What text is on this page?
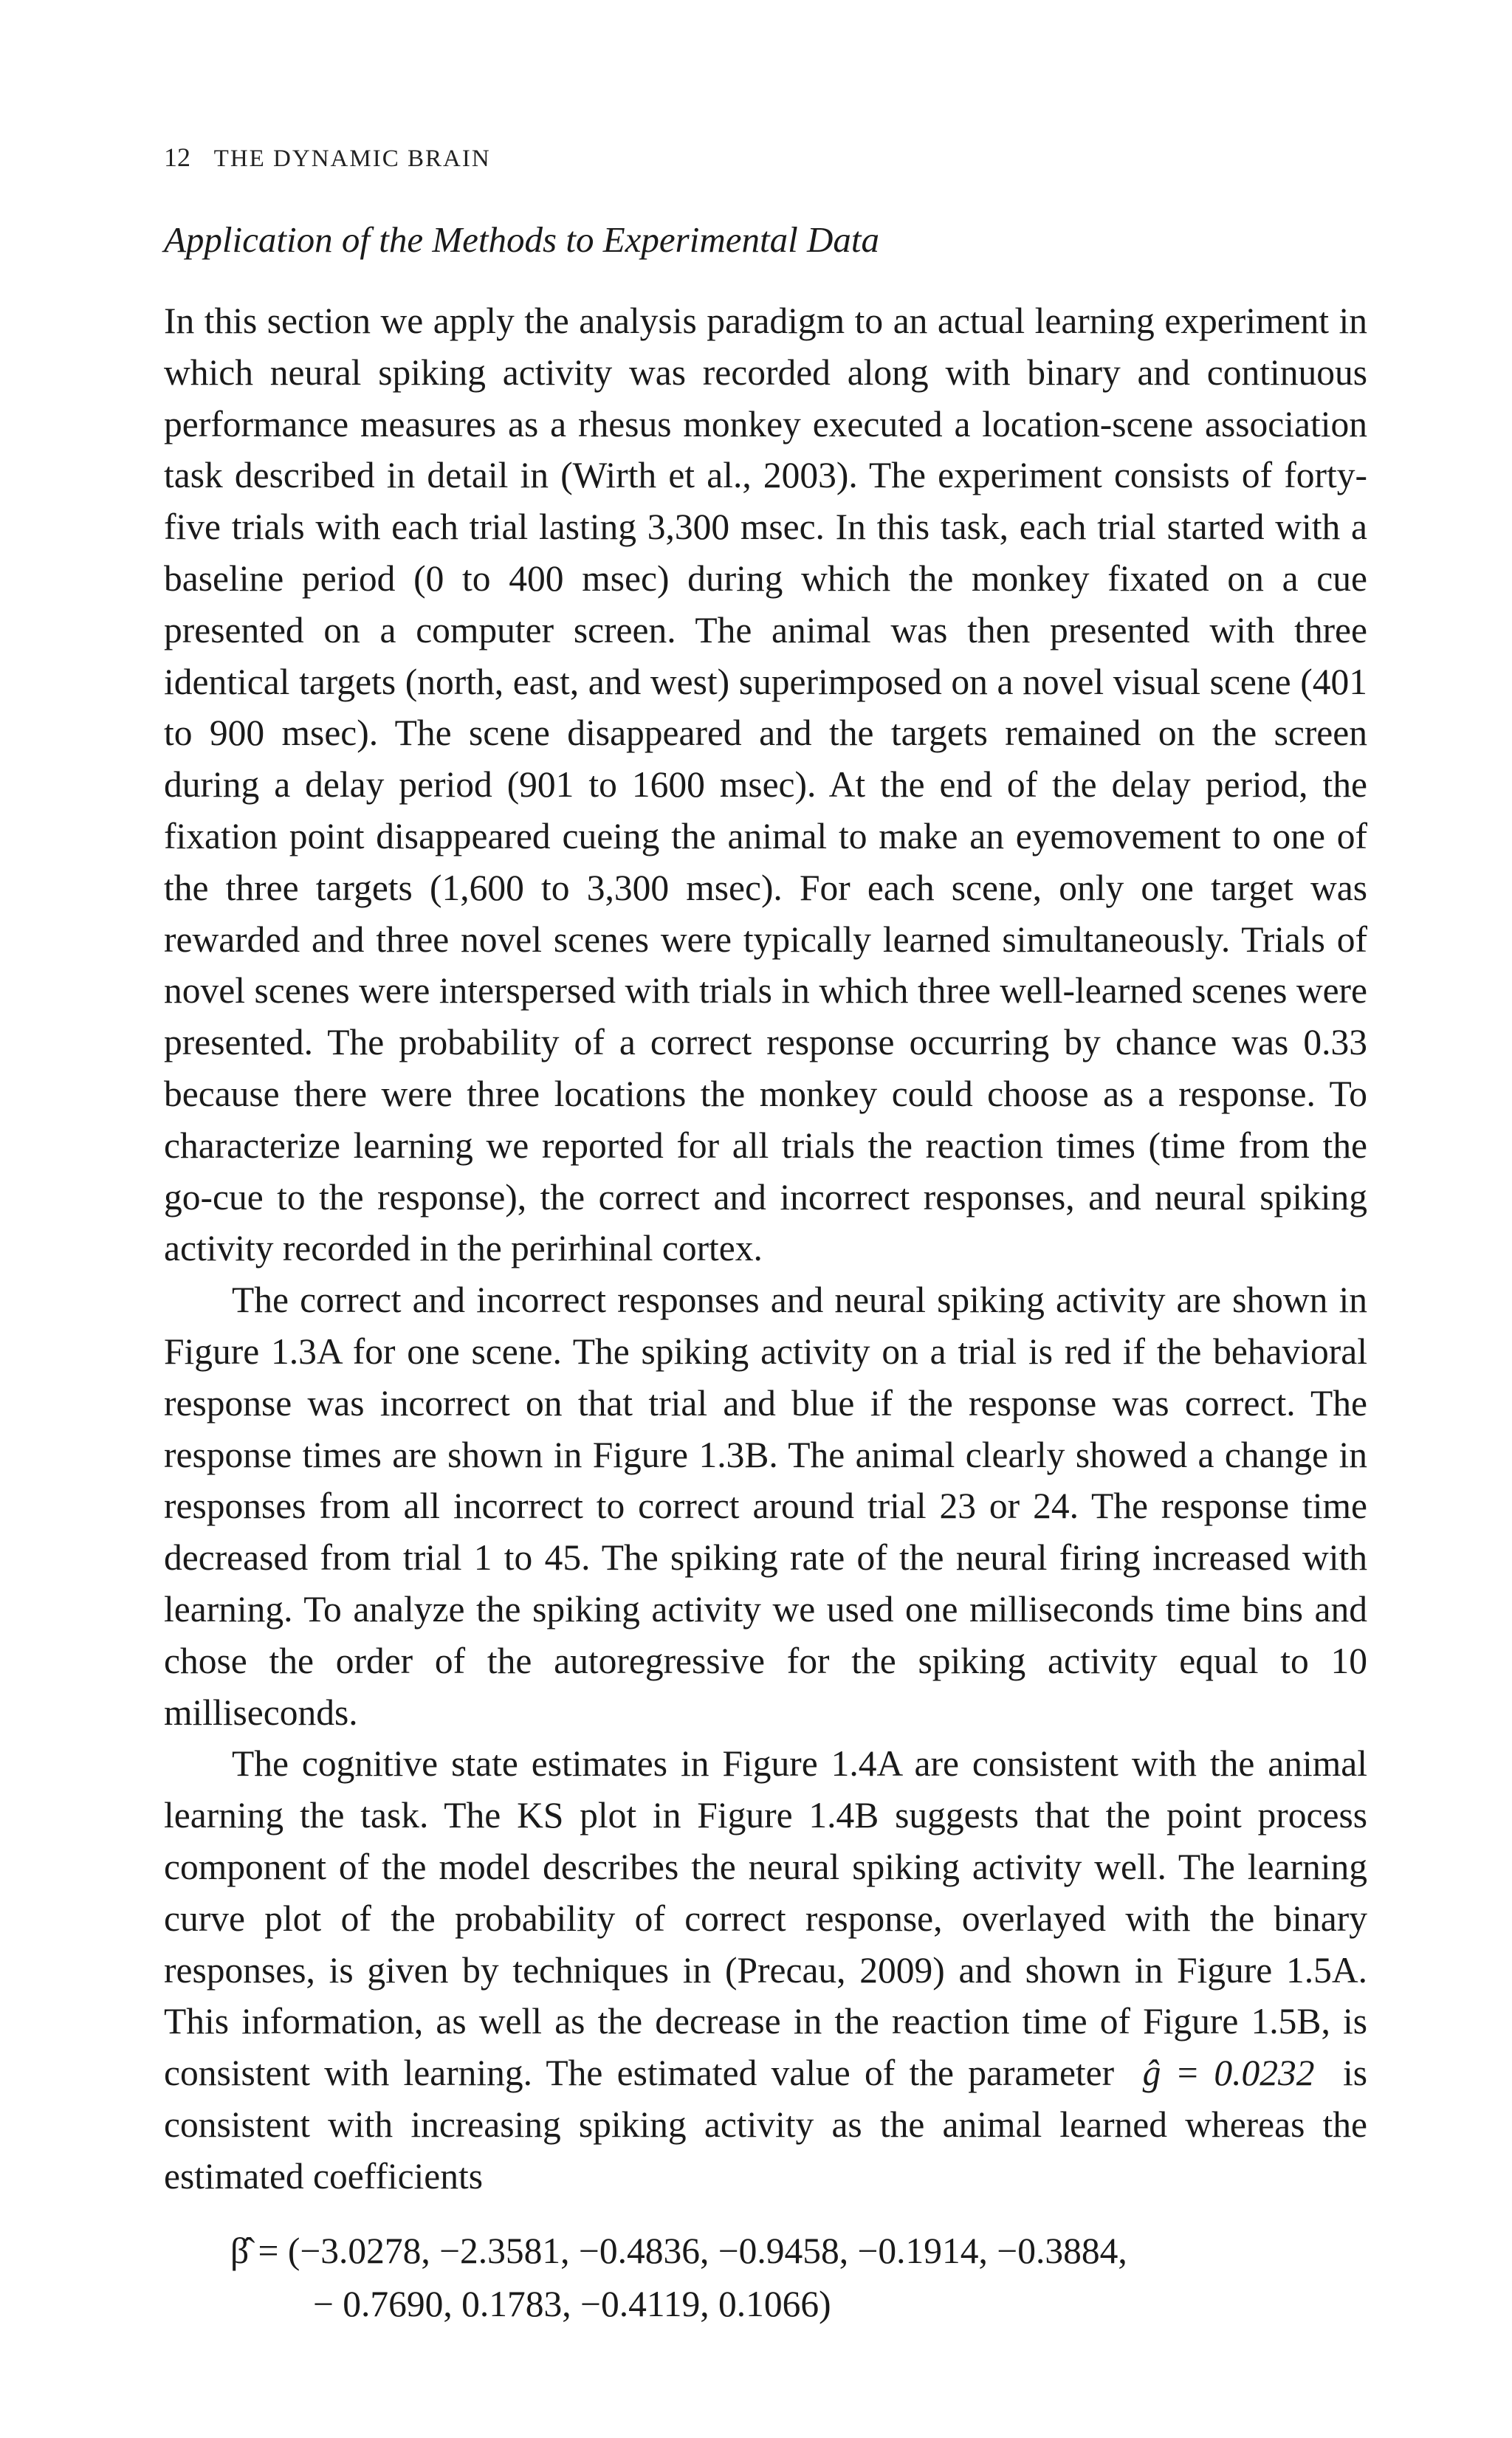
12 THE DYNAMIC BRAIN
Application of the Methods to Experimental Data

In this section we apply the analysis paradigm to an actual learning experiment in which neural spiking activity was recorded along with binary and continuous performance measures as a rhesus monkey executed a location-scene association task described in detail in (Wirth et al., 2003). The experiment consists of forty-five trials with each trial lasting 3,300 msec. In this task, each trial started with a baseline period (0 to 400 msec) during which the monkey fixated on a cue presented on a computer screen. The animal was then presented with three identical targets (north, east, and west) superimposed on a novel visual scene (401 to 900 msec). The scene disappeared and the targets remained on the screen during a delay period (901 to 1600 msec). At the end of the delay period, the fixation point disappeared cueing the animal to make an eyemovement to one of the three targets (1,600 to 3,300 msec). For each scene, only one target was rewarded and three novel scenes were typically learned simultaneously. Trials of novel scenes were interspersed with trials in which three well-learned scenes were presented. The probability of a correct response occurring by chance was 0.33 because there were three locations the monkey could choose as a response. To characterize learning we reported for all trials the reaction times (time from the go-cue to the response), the correct and incorrect responses, and neural spiking activity recorded in the perirhinal cortex.

The correct and incorrect responses and neural spiking activity are shown in Figure 1.3A for one scene. The spiking activity on a trial is red if the behavioral response was incorrect on that trial and blue if the response was correct. The response times are shown in Figure 1.3B. The animal clearly showed a change in responses from all incorrect to correct around trial 23 or 24. The response time decreased from trial 1 to 45. The spiking rate of the neural firing increased with learning. To analyze the spiking activity we used one milliseconds time bins and chose the order of the autoregressive for the spiking activity equal to 10 milliseconds.

The cognitive state estimates in Figure 1.4A are consistent with the animal learning the task. The KS plot in Figure 1.4B suggests that the point process component of the model describes the neural spiking activity well. The learning curve plot of the probability of correct response, overlayed with the binary responses, is given by techniques in (Precau, 2009) and shown in Figure 1.5A. This information, as well as the decrease in the reaction time of Figure 1.5B, is consistent with learning. The estimated value of the parameter ĝ = 0.0232 is consistent with increasing spiking activity as the animal learned whereas the estimated coefficients

β̂ = (−3.0278, −2.3581, −0.4836, −0.9458, −0.1914, −0.3884,
− 0.7690, 0.1783, −0.4119, 0.1066)
